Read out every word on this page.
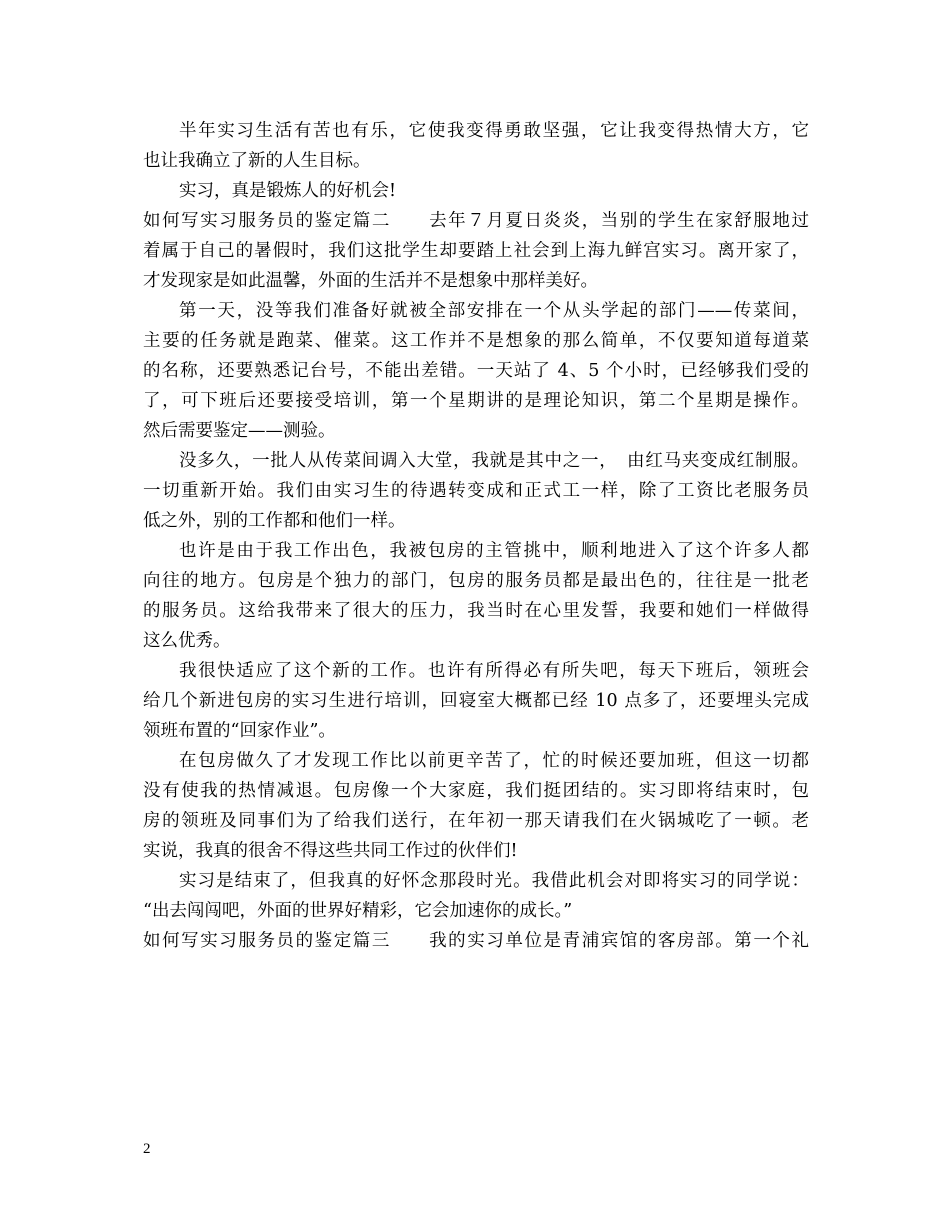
半年实习生活有苦也有乐，它使我变得勇敢坚强，它让我变得热情大方，它
也让我确立了新的人生目标。
实习，真是锻炼人的好机会!
如何写实习服务员的鉴定篇二　　去年７月夏日炎炎，当别的学生在家舒服地过
着属于自己的暑假时，我们这批学生却要踏上社会到上海九鲜宫实习。离开家了，
才发现家是如此温馨，外面的生活并不是想象中那样美好。
第一天，没等我们准备好就被全部安排在一个从头学起的部门——传菜间，
主要的任务就是跑菜、催菜。这工作并不是想象的那么简单，不仅要知道每道菜
的名称，还要熟悉记台号，不能出差错。一天站了 4、5 个小时，已经够我们受的
了，可下班后还要接受培训，第一个星期讲的是理论知识，第二个星期是操作。
然后需要鉴定——测验。
没多久，一批人从传菜间调入大堂，我就是其中之一，　由红马夹变成红制服。
一切重新开始。我们由实习生的待遇转变成和正式工一样，除了工资比老服务员
低之外，别的工作都和他们一样。
也许是由于我工作出色，我被包房的主管挑中，顺利地进入了这个许多人都
向往的地方。包房是个独力的部门，包房的服务员都是最出色的，往往是一批老
的服务员。这给我带来了很大的压力，我当时在心里发誓，我要和她们一样做得
这么优秀。
我很快适应了这个新的工作。也许有所得必有所失吧，每天下班后，领班会
给几个新进包房的实习生进行培训，回寝室大概都已经 10 点多了，还要埋头完成
领班布置的“回家作业”。
在包房做久了才发现工作比以前更辛苦了，忙的时候还要加班，但这一切都
没有使我的热情减退。包房像一个大家庭，我们挺团结的。实习即将结束时，包
房的领班及同事们为了给我们送行，在年初一那天请我们在火锅城吃了一顿。老
实说，我真的很舍不得这些共同工作过的伙伴们!
实习是结束了，但我真的好怀念那段时光。我借此机会对即将实习的同学说：
“出去闯闯吧，外面的世界好精彩，它会加速你的成长。”
如何写实习服务员的鉴定篇三　　我的实习单位是青浦宾馆的客房部。第一个礼
2
